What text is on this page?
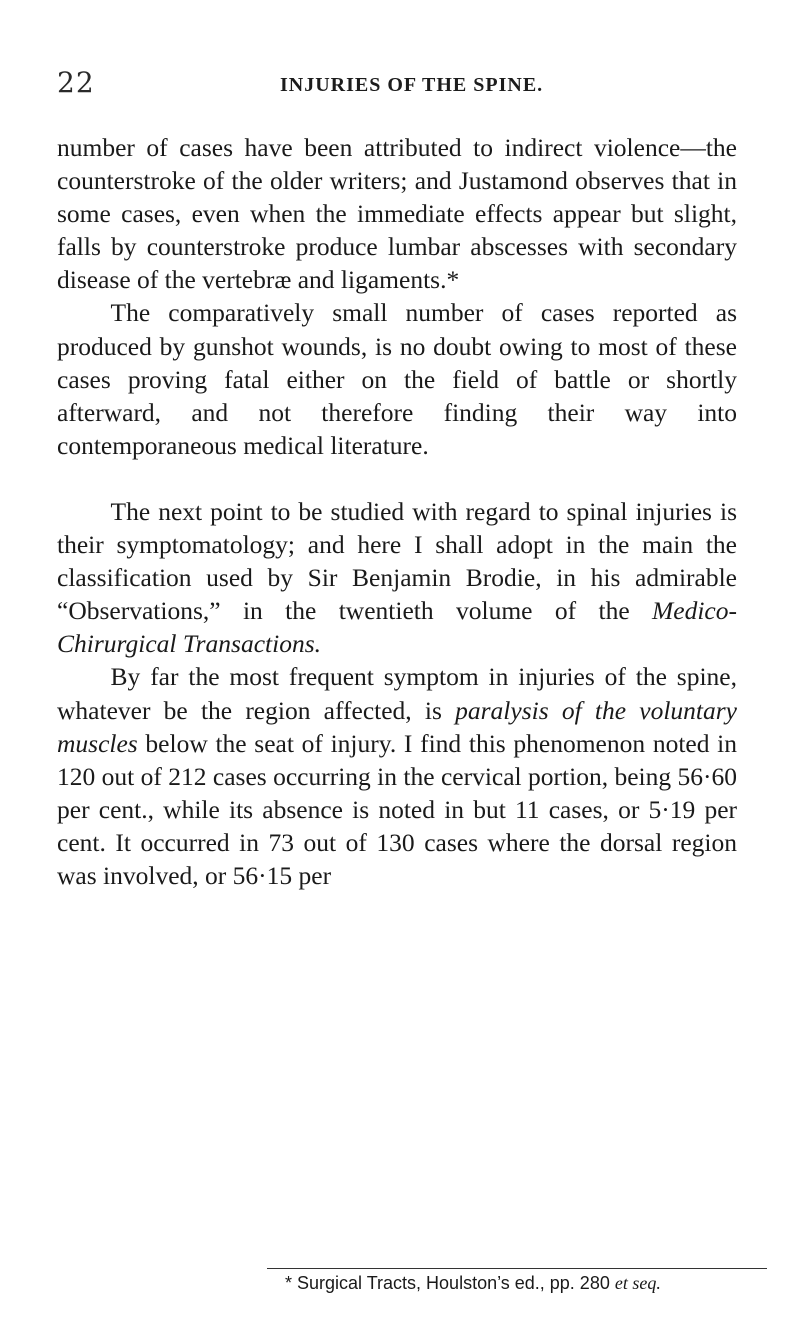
22	INJURIES OF THE SPINE.

number of cases have been attributed to indirect violence—the counterstroke of the older writers; and Justamond observes that in some cases, even when the immediate effects appear but slight, falls by counterstroke produce lumbar abscesses with secondary disease of the vertebræ and ligaments.*

The comparatively small number of cases reported as produced by gunshot wounds, is no doubt owing to most of these cases proving fatal either on the field of battle or shortly afterward, and not therefore finding their way into contemporaneous medical literature.

The next point to be studied with regard to spinal injuries is their symptomatology; and here I shall adopt in the main the classification used by Sir Benjamin Brodie, in his admirable “Observations,” in the twentieth volume of the Medico-Chirurgical Transactions.

By far the most frequent symptom in injuries of the spine, whatever be the region affected, is paralysis of the voluntary muscles below the seat of injury. I find this phenomenon noted in 120 out of 212 cases occurring in the cervical portion, being 56·60 per cent., while its absence is noted in but 11 cases, or 5·19 per cent. It occurred in 73 out of 130 cases where the dorsal region was involved, or 56·15 per

* Surgical Tracts, Houlston’s ed., pp. 280 et seq.
